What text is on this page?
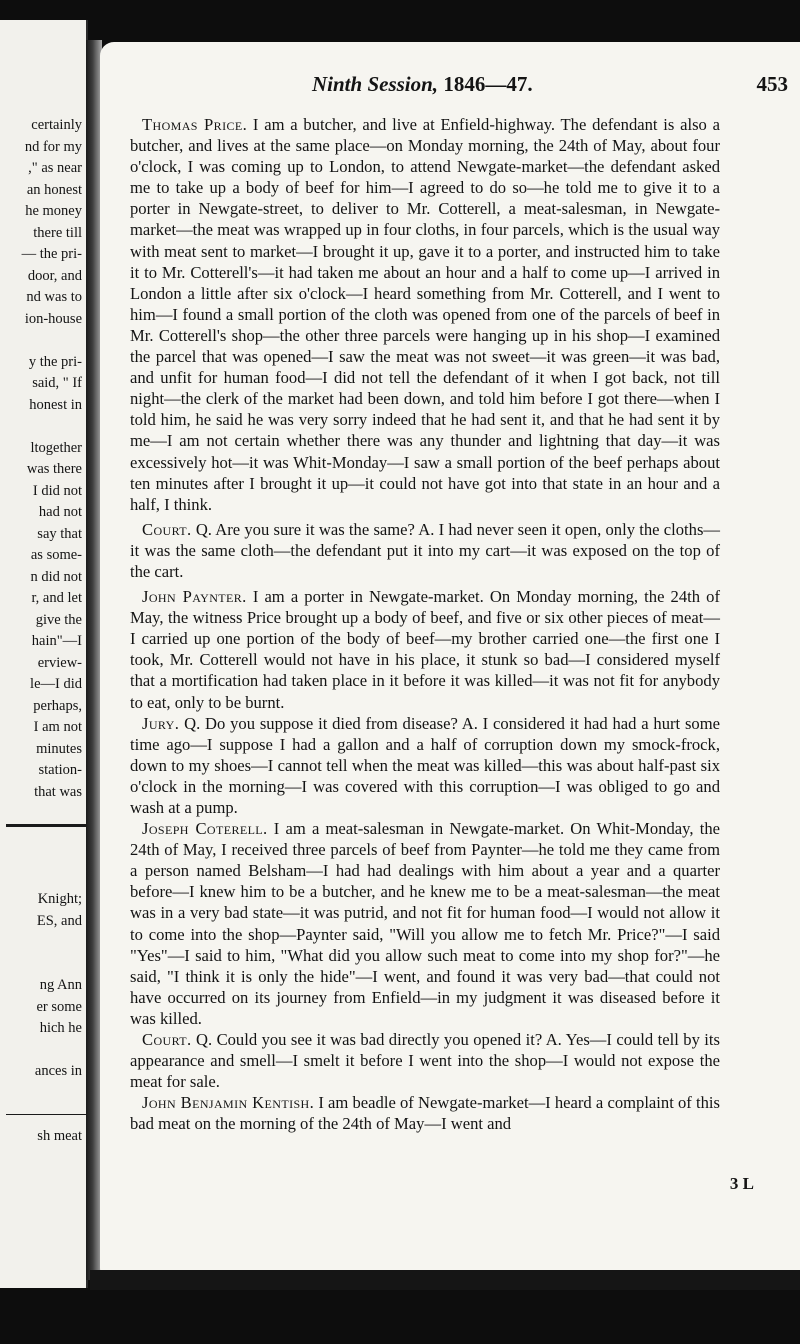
certainly
nd for my
," as near
an honest
he money
there till
— the pri-
door, and
nd was to
ion-house
y the pri-
said, " If
honest in
ltogether
was there
I did not
had not
say that
as some-
n did not
r, and let
give the
hain"—I
erview-
le—I did
perhaps,
I am not
minutes
station-
that was
Knight;
ES, and
ng Ann
er some
hich he
ances in
sh meat
Ninth Session, 1846—47.	453

Thomas Price. I am a butcher, and live at Enfield-highway. The defendant is also a butcher, and lives at the same place—on Monday morning, the 24th of May, about four o'clock, I was coming up to London, to attend Newgate-market—the defendant asked me to take up a body of beef for him—I agreed to do so—he told me to give it to a porter in Newgate-street, to deliver to Mr. Cotterell, a meat-salesman, in Newgate-market—the meat was wrapped up in four cloths, in four parcels, which is the usual way with meat sent to market—I brought it up, gave it to a porter, and instructed him to take it to Mr. Cotterell's—it had taken me about an hour and a half to come up—I arrived in London a little after six o'clock—I heard something from Mr. Cotterell, and I went to him—I found a small portion of the cloth was opened from one of the parcels of beef in Mr. Cotterell's shop—the other three parcels were hanging up in his shop—I examined the parcel that was opened—I saw the meat was not sweet—it was green—it was bad, and unfit for human food—I did not tell the defendant of it when I got back, not till night—the clerk of the market had been down, and told him before I got there—when I told him, he said he was very sorry indeed that he had sent it, and that he had sent it by me—I am not certain whether there was any thunder and lightning that day—it was excessively hot—it was Whit-Monday—I saw a small portion of the beef perhaps about ten minutes after I brought it up—it could not have got into that state in an hour and a half, I think.

Court. Q. Are you sure it was the same? A. I had never seen it open, only the cloths—it was the same cloth—the defendant put it into my cart—it was exposed on the top of the cart.

John Paynter. I am a porter in Newgate-market. On Monday morning, the 24th of May, the witness Price brought up a body of beef, and five or six other pieces of meat—I carried up one portion of the body of beef—my brother carried one—the first one I took, Mr. Cotterell would not have in his place, it stunk so bad—I considered myself that a mortification had taken place in it before it was killed—it was not fit for anybody to eat, only to be burnt.

Jury. Q. Do you suppose it died from disease? A. I considered it had had a hurt some time ago—I suppose I had a gallon and a half of corruption down my smock-frock, down to my shoes—I cannot tell when the meat was killed—this was about half-past six o'clock in the morning—I was covered with this corruption—I was obliged to go and wash at a pump.

Joseph Coterell. I am a meat-salesman in Newgate-market. On Whit-Monday, the 24th of May, I received three parcels of beef from Paynter—he told me they came from a person named Belsham—I had had dealings with him about a year and a quarter before—I knew him to be a butcher, and he knew me to be a meat-salesman—the meat was in a very bad state—it was putrid, and not fit for human food—I would not allow it to come into the shop—Paynter said, "Will you allow me to fetch Mr. Price?"—I said "Yes"—I said to him, "What did you allow such meat to come into my shop for?"—he said, "I think it is only the hide"—I went, and found it was very bad—that could not have occurred on its journey from Enfield—in my judgment it was diseased before it was killed.

Court. Q. Could you see it was bad directly you opened it? A. Yes—I could tell by its appearance and smell—I smelt it before I went into the shop—I would not expose the meat for sale.

John Benjamin Kentish. I am beadle of Newgate-market—I heard a complaint of this bad meat on the morning of the 24th of May—I went and

3 L
